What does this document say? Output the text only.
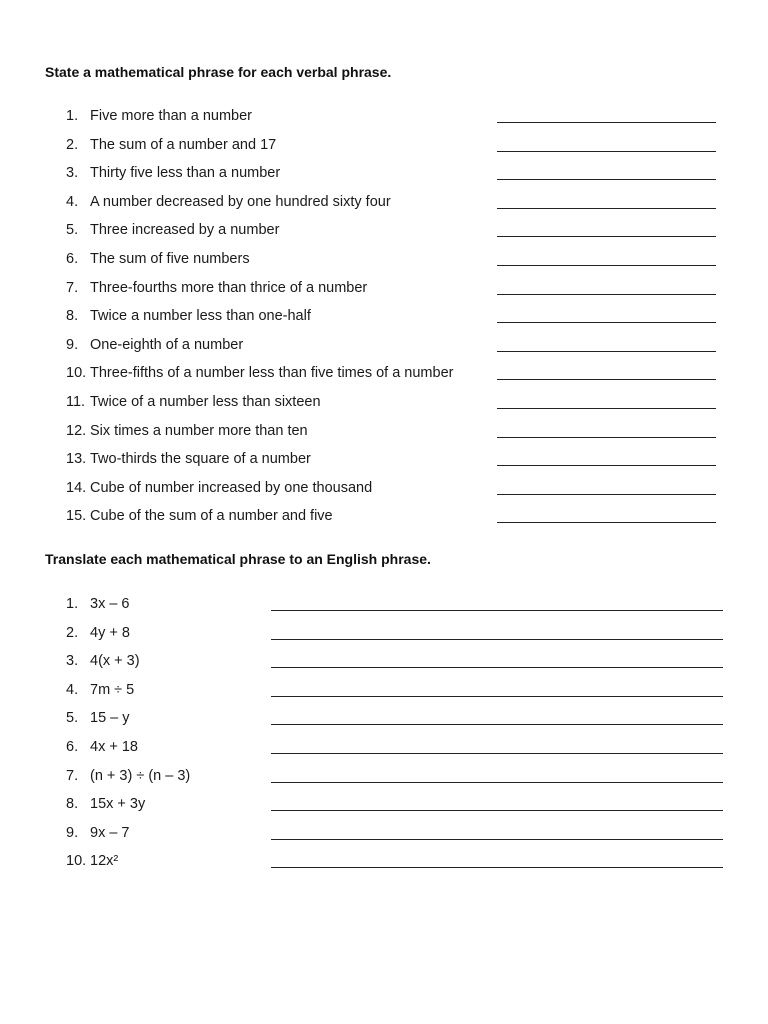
State a mathematical phrase for each verbal phrase.
1. Five more than a number
2. The sum of a number and 17
3. Thirty five less than a number
4. A number decreased by one hundred sixty four
5. Three increased by a number
6. The sum of five numbers
7. Three-fourths more than thrice of a number
8. Twice a number less than one-half
9. One-eighth of a number
10. Three-fifths of a number less than five times of a number
11. Twice of a number less than sixteen
12. Six times a number more than ten
13. Two-thirds the square of a number
14. Cube of number increased by one thousand
15. Cube of the sum of a number and five
Translate each mathematical phrase to an English phrase.
1. 3x – 6
2. 4y + 8
3. 4(x + 3)
4. 7m ÷ 5
5. 15 – y
6. 4x + 18
7. (n + 3) ÷ (n – 3)
8. 15x + 3y
9. 9x – 7
10. 12x²
